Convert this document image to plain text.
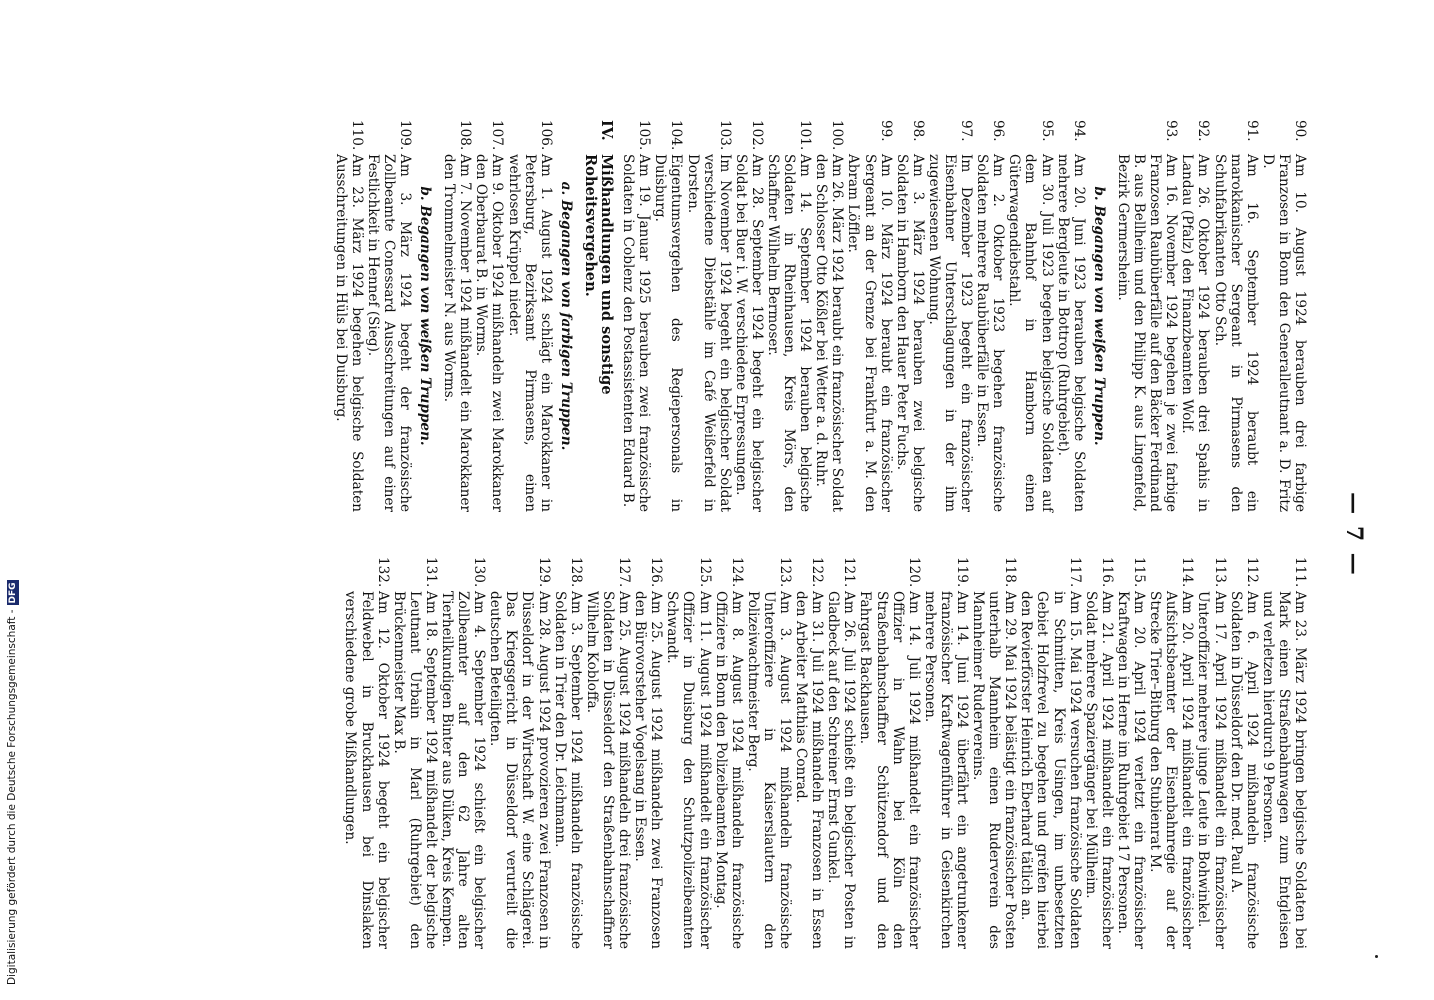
— 7 —
90.
Am 10. August 1924 berauben drei farbige Franzosen in Bonn den Generalleutnant a. D. Fritz D.
91.
Am 16. September 1924 beraubt ein marokkanischer Sergeant in Pirmasens den Schuhfabrikanten Otto Sch.
92.
Am 26. Oktober 1924 berauben drei Spahis in Landau (Pfalz) den Finanzbeamten Wolf.
93.
Am 16. November 1924 begehen je zwei farbige Franzosen Raubüberfälle auf den Bäcker Ferdinand B. aus Bellheim und den Philipp K. aus Lingenfeld, Bezirk Germersheim.
b. Begangen von weißen Truppen.
94.
Am 20. Juni 1923 berauben belgische Soldaten mehrere Bergleute in Bottrop (Ruhrgebiet).
95.
Am 30. Juli 1923 begehen belgische Soldaten auf dem Bahnhof in Hamborn einen Güterwagendiebstahl.
96.
Am 2. Oktober 1923 begehen französische Soldaten mehrere Raubüberfälle in Essen.
97.
Im Dezember 1923 begeht ein französischer Eisenbahner Unterschlagungen in der ihm zugewiesenen Wohnung.
98.
Am 3. März 1924 berauben zwei belgische Soldaten in Hamborn den Hauer Peter Fuchs.
99.
Am 10. März 1924 beraubt ein französischer Sergeant an der Grenze bei Frankfurt a. M. den Abram Löffler.
100.
Am 26. März 1924 beraubt ein französischer Soldat den Schlosser Otto Kößler bei Wetter a. d. Ruhr.
101.
Am 14. September 1924 berauben belgische Soldaten in Rheinhausen, Kreis Mörs, den Schaffner Wilhelm Bermoser.
102.
Am 28. September 1924 begeht ein belgischer Soldat bei Buer i. W. verschiedene Erpressungen.
103.
Im November 1924 begeht ein belgischer Soldat verschiedene Diebstähle im Café Weißerfeld in Dorsten.
104.
Eigentumsvergehen des Regiepersonals in Duisburg.
105.
Am 19. Januar 1925 berauben zwei französische Soldaten in Coblenz den Postassistenten Eduard B.
IV.
Mißhandlungen und sonstige Roheitsvergehen.
a. Begangen von farbigen Truppen.
106.
Am 1. August 1924 schlägt ein Marokkaner in Petersburg, Bezirksamt Pirmasens, einen wehrlosen Krüppel nieder.
107.
Am 9. Oktober 1924 mißhandeln zwei Marokkaner den Oberbaurat B. in Worms.
108.
Am 7. November 1924 mißhandelt ein Marokkaner den Trommelmeister N. aus Worms.
b. Begangen von weißen Truppen.
109.
Am 3. März 1924 begeht der französische Zollbeamte Conessard Ausschreitungen auf einer Festlichkeit in Hennef (Sieg).
110.
Am 23. März 1924 begehen belgische Soldaten Ausschreitungen in Hüls bei Duisburg.
111.
Am 23. März 1924 bringen belgische Soldaten bei Mark einen Straßenbahnwagen zum Entgleisen und verletzen hierdurch 9 Personen.
112.
Am 6. April 1924 mißhandeln französische Soldaten in Düsseldorf den Dr. med. Paul A.
113.
Am 17. April 1924 mißhandelt ein französischer Unteroffizier mehrere junge Leute in Bohwinkel.
114.
Am 20. April 1924 mißhandelt ein französischer Aufsichtsbeamter der Eisenbahnregie auf der Strecke Trier–Bitburg den Stubienrat M.
115.
Am 20. April 1924 verletzt ein französischer Kraftwagen in Herne im Ruhrgebiet 17 Personen.
116.
Am 21. April 1924 mißhandelt ein französischer Soldat mehrere Spaziergänger bei Mülheim.
117.
Am 15. Mai 1924 versuchen französische Soldaten in Schmitten, Kreis Usingen, im unbesetzten Gebiet Holzfrevel zu begehen und greifen hierbei den Revierförster Heinrich Eberhard tätlich an.
118.
Am 29. Mai 1924 belästigt ein französischer Posten unterhalb Mannheim einen Ruderverein des Mannheimer Rudervereins.
119.
Am 14. Juni 1924 überfährt ein angetrunkener französischer Kraftwagenführer in Geisenkirchen mehrere Personen.
120.
Am 14. Juli 1924 mißhandelt ein französischer Offizier in Wahn bei Köln den Straßenbahnschaffner Schützendorf und den Fahrgast Backhausen.
121.
Am 26. Juli 1924 schießt ein belgischer Posten in Gladbeck auf den Schreiner Ernst Gunkel.
122.
Am 31. Juli 1924 mißhandeln Franzosen in Essen den Arbeiter Matthias Conrad.
123.
Am 3. August 1924 mißhandeln französische Unteroffiziere in Kaiserslautern den Polizeiwachtmeister Berg.
124.
Am 8. August 1924 mißhandeln französische Offiziere in Bonn den Polizeibeamten Montag.
125.
Am 11. August 1924 mißhandelt ein französischer Offizier in Duisburg den Schutzpolizeibeamten Schwandt.
126.
Am 25. August 1924 mißhandeln zwei Franzosen den Bürovorsteher Vogelsang in Essen.
127.
Am 25. August 1924 mißhandeln drei französische Soldaten in Düsseldorf den Straßenbahnschaffner Wilhelm Kobloffa.
128.
Am 3. September 1924 mißhandeln französische Soldaten in Trier den Dr. Leichmann.
129.
Am 28. August 1924 provozieren zwei Franzosen in Düsseldorf in der Wirtschaft W. eine Schlägerei. Das Kriegsgericht in Düsseldorf verurteilt die deutschen Beteiligten.
130.
Am 4. September 1924 schießt ein belgischer Zollbeamter auf den 62 Jahre alten Tierheilkundigen Binter aus Dülken, Kreis Kempen.
131.
Am 18. September 1924 mißhandelt der belgische Leutnant Urbain in Marl (Ruhrgebiet) den Brückenmeister Max B.
132.
Am 12. Oktober 1924 begeht ein belgischer Feldwebel in Bruckhausen bei Dinslaken verschiedene grobe Mißhandlungen.
Digitalisierung gefördert durch die Deutsche Forschungsgemeinschaft -DFG
